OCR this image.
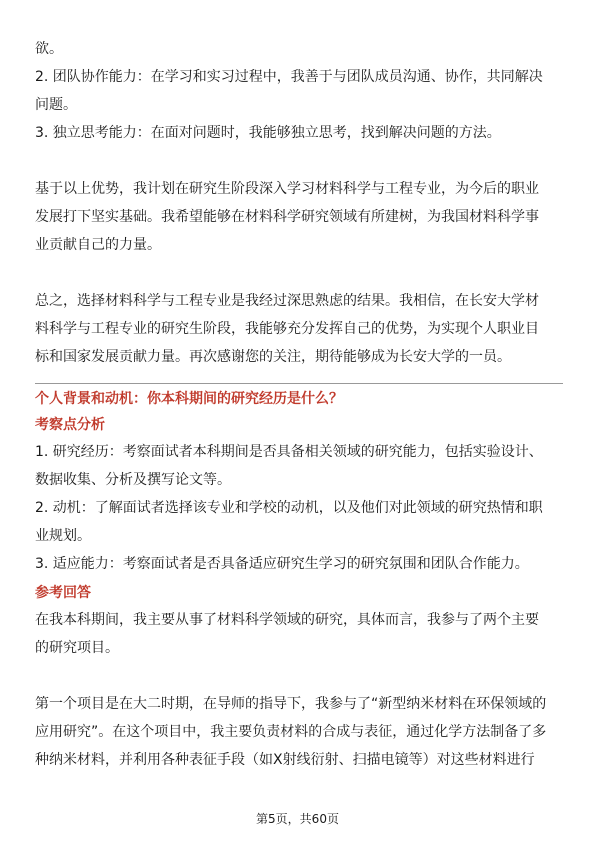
欲。

2. 团队协作能力：在学习和实习过程中，我善于与团队成员沟通、协作，共同解决

问题。

3. 独立思考能力：在面对问题时，我能够独立思考，找到解决问题的方法。

基于以上优势，我计划在研究生阶段深入学习材料科学与工程专业，为今后的职业

发展打下坚实基础。我希望能够在材料科学研究领域有所建树，为我国材料科学事

业贡献自己的力量。

总之，选择材料科学与工程专业是我经过深思熟虑的结果。我相信，在长安大学材

料科学与工程专业的研究生阶段，我能够充分发挥自己的优势，为实现个人职业目

标和国家发展贡献力量。再次感谢您的关注，期待能够成为长安大学的一员。

个人背景和动机：你本科期间的研究经历是什么？

考察点分析

1. 研究经历：考察面试者本科期间是否具备相关领域的研究能力，包括实验设计、

数据收集、分析及撰写论文等。

2. 动机：了解面试者选择该专业和学校的动机，以及他们对此领域的研究热情和职

业规划。

3. 适应能力：考察面试者是否具备适应研究生学习的研究氛围和团队合作能力。

参考回答

在我本科期间，我主要从事了材料科学领域的研究，具体而言，我参与了两个主要

的研究项目。

第一个项目是在大二时期，在导师的指导下，我参与了“新型纳米材料在环保领域的

应用研究”。在这个项目中，我主要负责材料的合成与表征，通过化学方法制备了多

种纳米材料，并利用各种表征手段（如X射线衍射、扫描电镜等）对这些材料进行

第5页，共60页
